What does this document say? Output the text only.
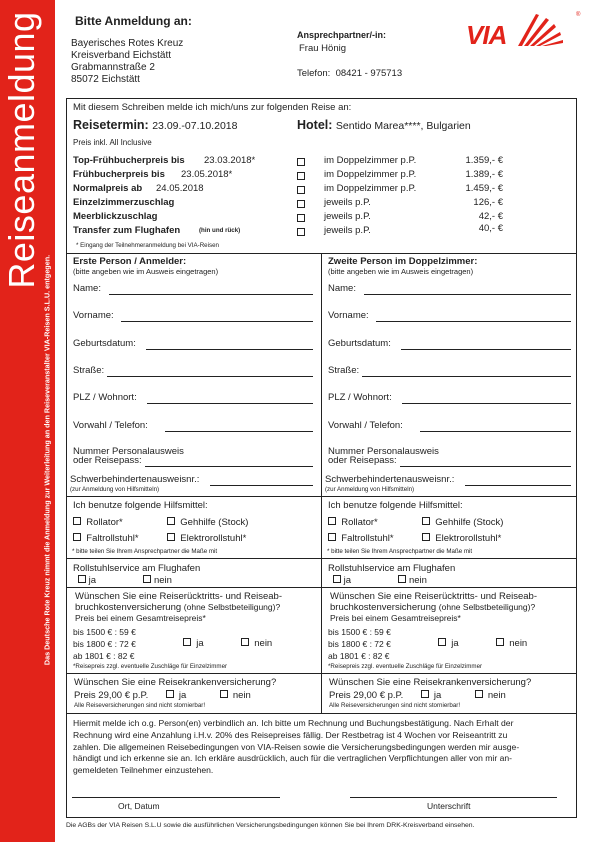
Reiseanmeldung
Das Deutsche Rote Kreuz nimmt die Anmeldung zur Weiterleitung an den Reiseveranstalter VIA-Reisen S.L.U. entgegen.
Bitte Anmeldung an:
Bayerisches Rotes Kreuz
Kreisverband Eichstätt
Grabmannstraße 2
85072 Eichstätt
Ansprechpartner/-in:
Frau Hönig
Telefon: 08421 - 975713
VIA
®
Mit diesem Schreiben melde ich mich/uns zur folgenden Reise an:
Reisetermin: 23.09.-07.10.2018	Hotel: Sentido Marea****, Bulgarien
Preis inkl. All Inclusive
Top-Frühbucherpreis bis 23.03.2018*	im Doppelzimmer p.P.	1.359,- €
Frühbucherpreis bis 23.05.2018*	im Doppelzimmer p.P.	1.389,- €
Normalpreis ab 24.05.2018	im Doppelzimmer p.P.	1.459,- €
Einzelzimmerzuschlag	jeweils p.P.	126,- €
Meerblickzuschlag	jeweils p.P.	42,- €
Transfer zum Flughafen	(hin und rück)	jeweils p.P.	40,- €
* Eingang der Teilnehmeranmeldung bei VIA-Reisen
Erste Person / Anmelder:
(bitte angeben wie im Ausweis eingetragen)
Zweite Person im Doppelzimmer:
(bitte angeben wie im Ausweis eingetragen)
Name:
Vorname:
Geburtsdatum:
Straße:
PLZ / Wohnort:
Vorwahl / Telefon:
Nummer Personalausweis
oder Reisepass:
Schwerbehindertenausweisnr.:
(zur Anmeldung von Hilfsmitteln)
Ich benutze folgende Hilfsmittel:
Rollator*	Gehhilfe (Stock)
Faltrollstuhl*	Elektrorollstuhl*
* bitte teilen Sie Ihrem Ansprechpartner die Maße mit
Rollstuhlservice am Flughafen
ja	nein
Wünschen Sie eine Reiserücktritts- und Reiseab-
bruchkostenversicherung (ohne Selbstbeteiligung)?
Preis bei einem Gesamtreisepreis*
bis 1500 € : 59 €
bis 1800 € : 72 €
ab 1801 € : 82 €
ja	nein
*Reisepreis zzgl. eventuelle Zuschläge für Einzelzimmer
Wünschen Sie eine Reisekrankenversicherung?
Preis 29,00 € p.P.	ja	nein
Alle Reiseversicherungen sind nicht stornierbar!
Name:
Vorname:
Geburtsdatum:
Straße:
PLZ / Wohnort:
Vorwahl / Telefon:
Nummer Personalausweis
oder Reisepass:
Schwerbehindertenausweisnr.:
(zur Anmeldung von Hilfsmitteln)
Ich benutze folgende Hilfsmittel:
Rollator*	Gehhilfe (Stock)
Faltrollstuhl*	Elektrorollstuhl*
* bitte teilen Sie Ihrem Ansprechpartner die Maße mit
Rollstuhlservice am Flughafen
ja	nein
Wünschen Sie eine Reiserücktritts- und Reiseab-
bruchkostenversicherung (ohne Selbstbeteiligung)?
Preis bei einem Gesamtreisepreis*
bis 1500 € : 59 €
bis 1800 € : 72 €
ab 1801 € : 82 €
ja	nein
*Reisepreis zzgl. eventuelle Zuschläge für Einzelzimmer
Wünschen Sie eine Reisekrankenversicherung?
Preis 29,00 € p.P.	ja	nein
Alle Reiseversicherungen sind nicht stornierbar!
Hiermit melde ich o.g. Person(en) verbindlich an. Ich bitte um Rechnung und Buchungsbestätigung. Nach Erhalt der
Rechnung wird eine Anzahlung i.H.v. 20% des Reisepreises fällig. Der Restbetrag ist 4 Wochen vor Reiseantritt zu
zahlen. Die allgemeinen Reisebedingungen von VIA-Reisen sowie die Versicherungsbedingungen werden mir ausge-
händigt und ich erkenne sie an. Ich erkläre ausdrücklich, auch für die vertraglichen Verpflichtungen aller von mir an-
gemeldeten Teilnehmer einzustehen.
Ort, Datum	Unterschrift
Die AGBs der VIA Reisen S.L.U sowie die ausführlichen Versicherungsbedingungen können Sie bei Ihrem DRK-Kreisverband einsehen.
